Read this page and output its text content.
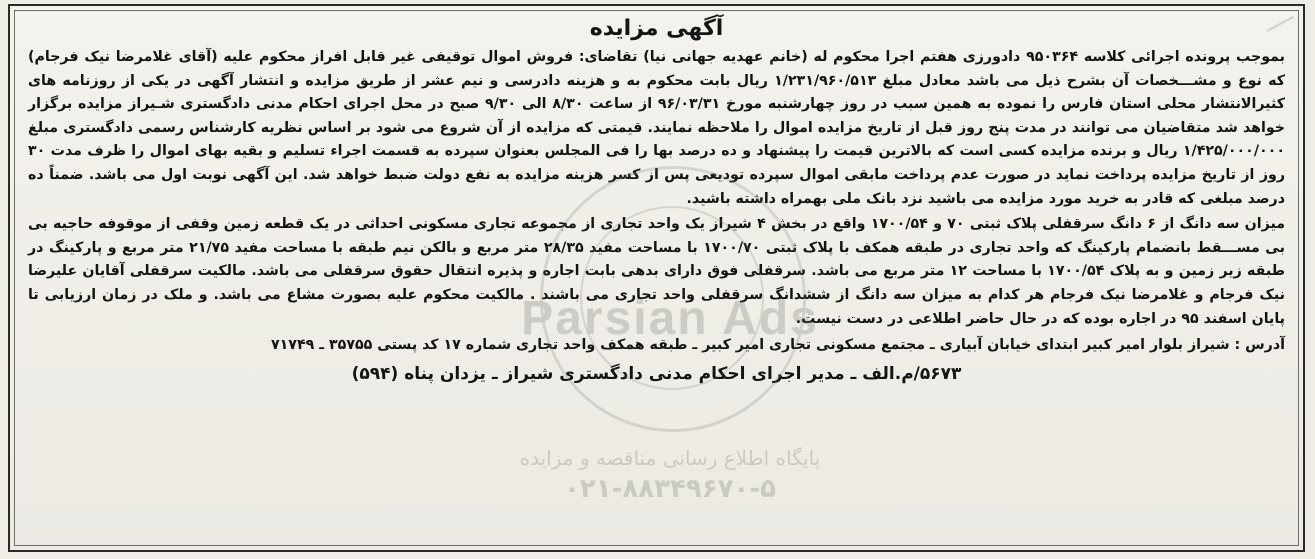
Parsian Ads
پایگاه اطلاع رسانی مناقصه و مزایده
۰۲۱-۸۸۳۴۹۶۷۰-۵
آگهی مزایده

بموجب پرونده اجرائی کلاسه ۹۵۰۳۶۴ دادورزی هفتم اجرا محکوم له (خانم عهدیه جهانی نیا) تقاضای: فروش اموال توقیفی غیر قابل افراز محکوم علیه (آقای غلامرضا نیک فرجام) که نوع و مشـــخصات آن بشرح ذیل می باشد معادل مبلغ ۱/۲۳۱/۹۶۰/۵۱۳ ریال بابت محکوم به و هزینه دادرسی و نیم عشر از طریق مزایده و انتشار آگهی در یکی از روزنامه های کثیرالانتشار محلی استان فارس را نموده به همین سبب در روز چهارشنبه مورخ ۹۶/۰۳/۳۱ از ساعت ۸/۳۰ الی ۹/۳۰ صبح در محل اجرای احکام مدنی دادگستری شـیراز مزایده برگزار خواهد شد متقاضیان می توانند در مدت پنج روز قبل از تاریخ مزایده اموال را ملاحظه نمایند. قیمتی که مزایده از آن شروع می شود بر اساس نظریه کارشناس رسمی دادگستری مبلغ ۱/۴۲۵/۰۰۰/۰۰۰ ریال و برنده مزایده کسی است که بالاترین قیمت را پیشنهاد و ده درصد بها را فی المجلس بعنوان سپرده به قسمت اجراء تسلیم و بقیه بهای اموال را ظرف مدت ۳۰ روز از تاریخ مزایده پرداخت نماید در صورت عدم پرداخت مابقی اموال سپرده تودیعی پس از کسر هزینه مزایده به نفع دولت ضبط خواهد شد. این آگهی نوبت اول می باشد. ضمناً ده درصد مبلغی که قادر به خرید مورد مزایده می باشید نزد بانک ملی بهمراه داشته باشید.

میزان سه دانگ از ۶ دانگ سرقفلی پلاک ثبتی ۷۰ و ۱۷۰۰/۵۴ واقع در بخش ۴ شیراز یک واحد تجاری از مجموعه تجاری مسکونی احداثی در یک قطعه زمین وقفی از موقوفه حاجیه بی بی مســـقط بانضمام پارکینگ که واحد تجاری در طبقه همکف با پلاک ثبتی ۱۷۰۰/۷۰ با مساحت مفید ۲۸/۳۵ متر مربع و بالکن نیم طبقه با مساحت مفید ۲۱/۷۵ متر مربع و پارکینگ در طبقه زیر زمین و به پلاک ۱۷۰۰/۵۴ با مساحت ۱۲ متر مربع می باشد. سرقفلی فوق دارای بدهی بابت اجاره و پذیره انتقال حقوق سرقفلی می باشد. مالکیت سرقفلی آقایان علیرضا نیک فرجام و غلامرضا نیک فرجام هر کدام به میزان سه دانگ از ششدانگ سرقفلی واحد تجاری می باشند . مالکیت محکوم علیه بصورت مشاع می باشد. و ملک در زمان ارزیابی تا پایان اسفند ۹۵ در اجاره بوده که در حال حاضر اطلاعی در دست نیست.

آدرس : شیراز بلوار امیر کبیر ابتدای خیابان آبیاری ـ مجتمع مسکونی تجاری امیر کبیر ـ طبقه همکف واحد تجاری شماره ۱۷ کد پستی ۳۵۷۵۵ ـ ۷۱۷۴۹
۵۶۷۳/م.الف ـ مدیر اجرای احکام مدنی دادگستری شیراز ـ یزدان پناه (۵۹۴)
